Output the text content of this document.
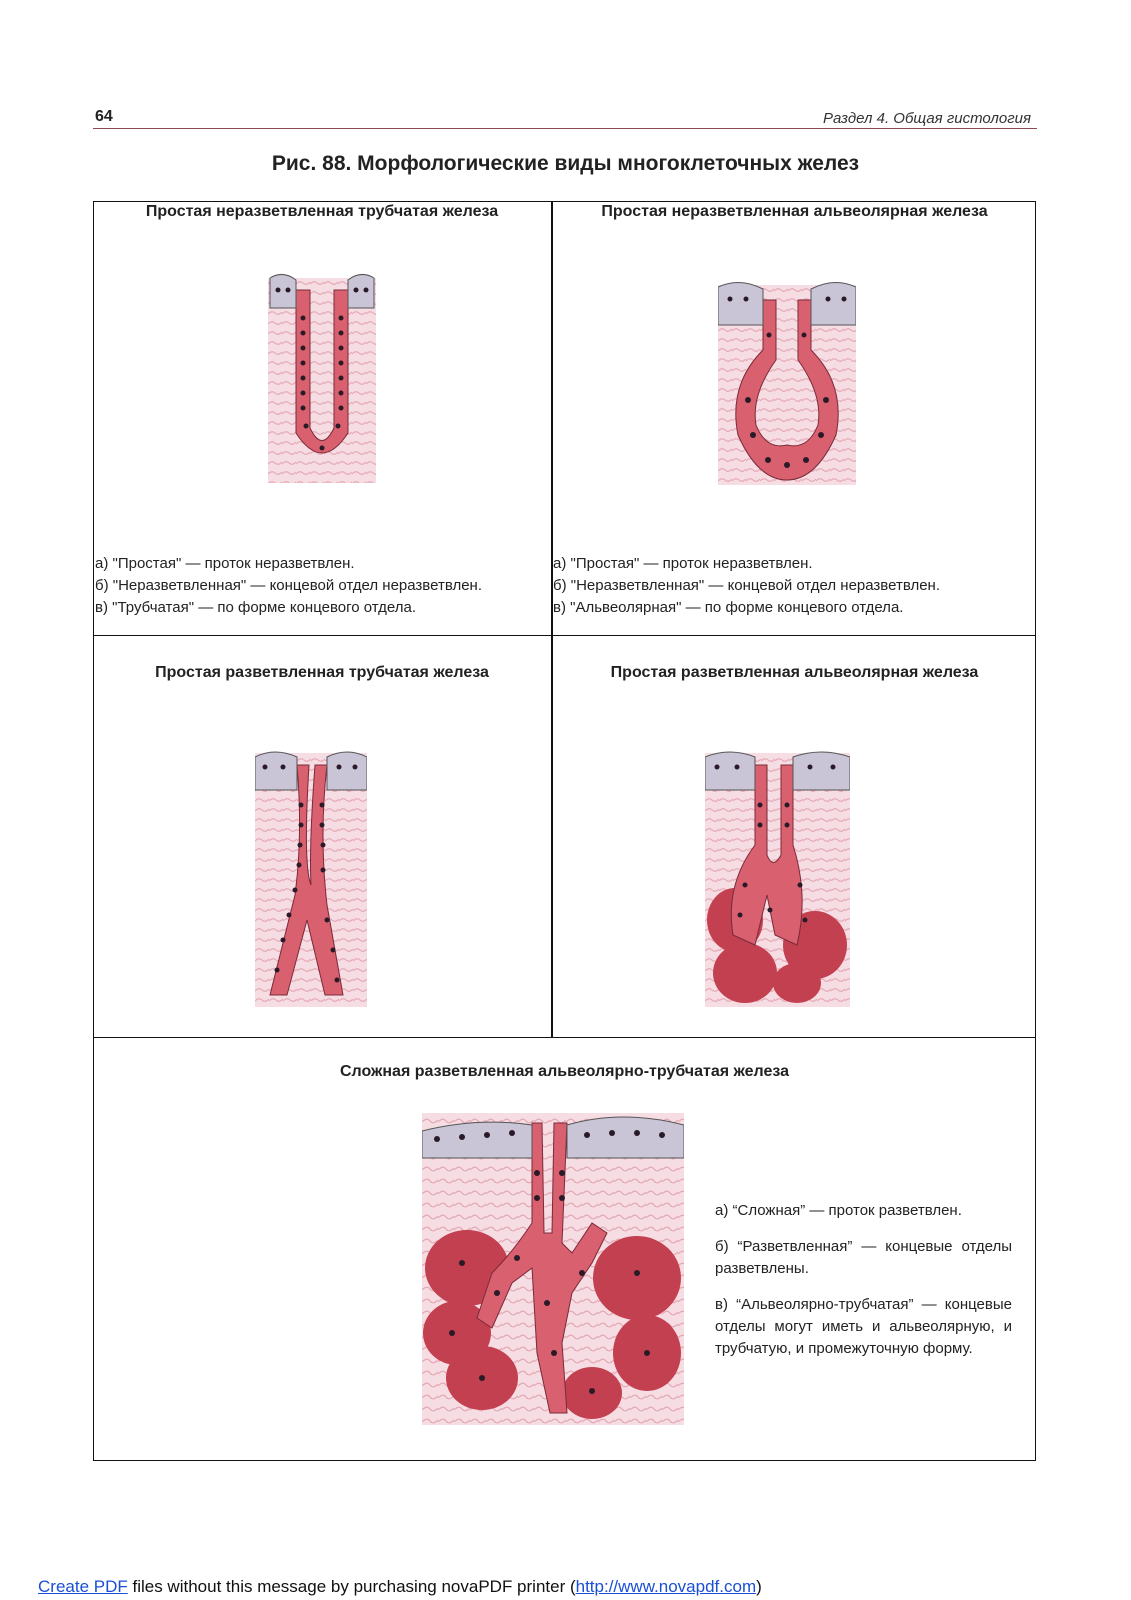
64	Раздел 4. Общая гистология
Рис. 88. Морфологические виды многоклеточных желез
Простая неразветвленная трубчатая железа
а) "Простая" — проток неразветвлен.
б) "Неразветвленная" — концевой отдел неразветвлен.
в) "Трубчатая" — по форме концевого отдела.
Простая неразветвленная альвеолярная железа
а) "Простая" — проток неразветвлен.
б) "Неразветвленная" — концевой отдел неразветвлен.
в) "Альвеолярная" — по форме концевого отдела.
Простая разветвленная трубчатая железа	Простая разветвленная альвеолярная железа
Сложная разветвленная альвеолярно-трубчатая железа

а) “Сложная” — проток разветвлен.

б) “Разветвленная” — концевые отделы разветвлены.

в) “Альвеолярно-трубчатая” — концевые отделы могут иметь и альвеолярную, и трубчатую, и промежуточную форму.

Create PDF files without this message by purchasing novaPDF printer (http://www.novapdf.com)
